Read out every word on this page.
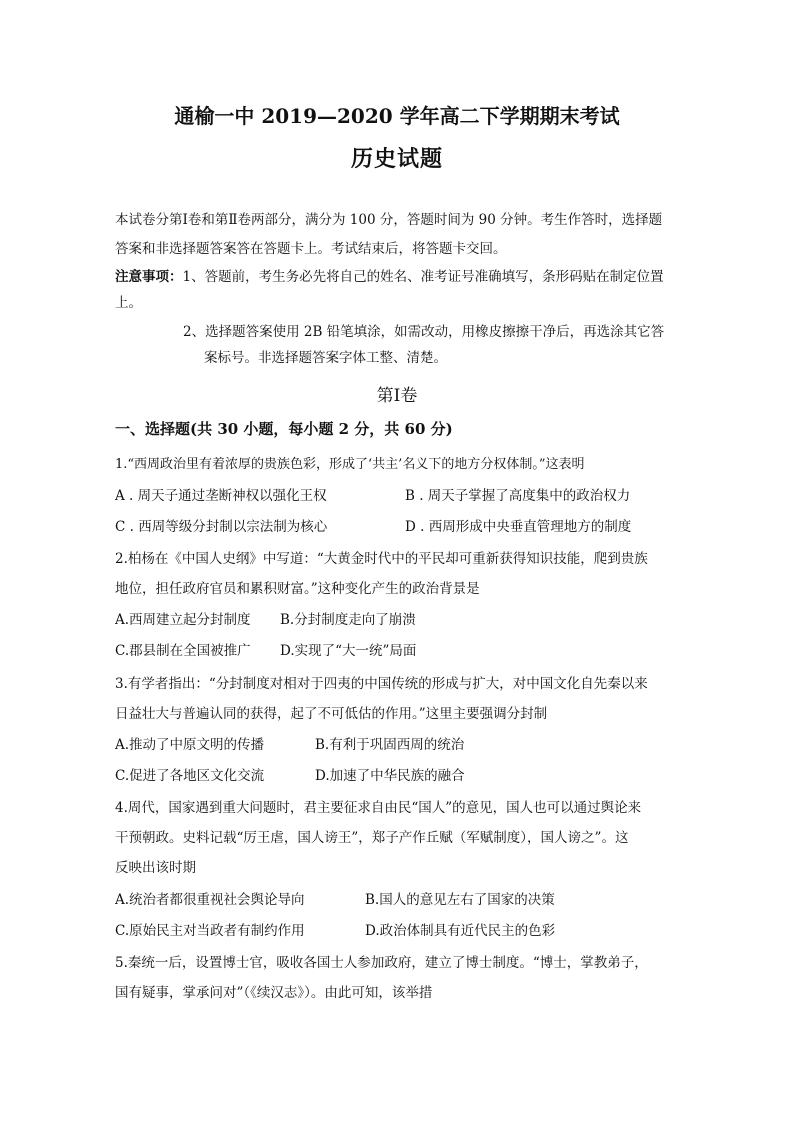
通榆一中 2019—2020 学年高二下学期期末考试
历史试题
本试卷分第Ⅰ卷和第Ⅱ卷两部分，满分为 100 分，答题时间为 90 分钟。考生作答时，选择题
答案和非选择题答案答在答题卡上。考试结束后，将答题卡交回。
注意事项：1、答题前，考生务必先将自己的姓名、准考证号准确填写，条形码贴在制定位置
上。
2、选择题答案使用 2B 铅笔填涂，如需改动，用橡皮擦擦干净后，再选涂其它答
案标号。非选择题答案字体工整、清楚。
第Ⅰ卷
一、选择题(共 30 小题，每小题 2 分，共 60 分)
1.“西周政治里有着浓厚的贵族色彩，形成了‘共主’名义下的地方分权体制。”这表明
A . 周天子通过垄断神权以强化王权	B . 周天子掌握了高度集中的政治权力
C . 西周等级分封制以宗法制为核心	D . 西周形成中央垂直管理地方的制度
2.柏杨在《中国人史纲》中写道：“大黄金时代中的平民却可重新获得知识技能，爬到贵族
地位，担任政府官员和累积财富。”这种变化产生的政治背景是
A.西周建立起分封制度 B.分封制度走向了崩溃
C.郡县制在全国被推广 D.实现了“大一统”局面
3.有学者指出：“分封制度对相对于四夷的中国传统的形成与扩大，对中国文化自先秦以来
日益壮大与普遍认同的获得，起了不可低估的作用。”这里主要强调分封制
A.推动了中原文明的传播	B.有利于巩固西周的统治
C.促进了各地区文化交流	D.加速了中华民族的融合
4.周代，国家遇到重大问题时，君主要征求自由民“国人”的意见，国人也可以通过舆论来
干预朝政。史料记载“厉王虐，国人谤王”，郑子产作丘赋（军赋制度），国人谤之”。这
反映出该时期
A.统治者都很重视社会舆论导向	B.国人的意见左右了国家的决策
C.原始民主对当政者有制约作用	D.政治体制具有近代民主的色彩
5.秦统一后，设置博士官，吸收各国士人参加政府，建立了博士制度。“博士，掌教弟子，
国有疑事，掌承问对”（《续汉志》）。由此可知，该举措
